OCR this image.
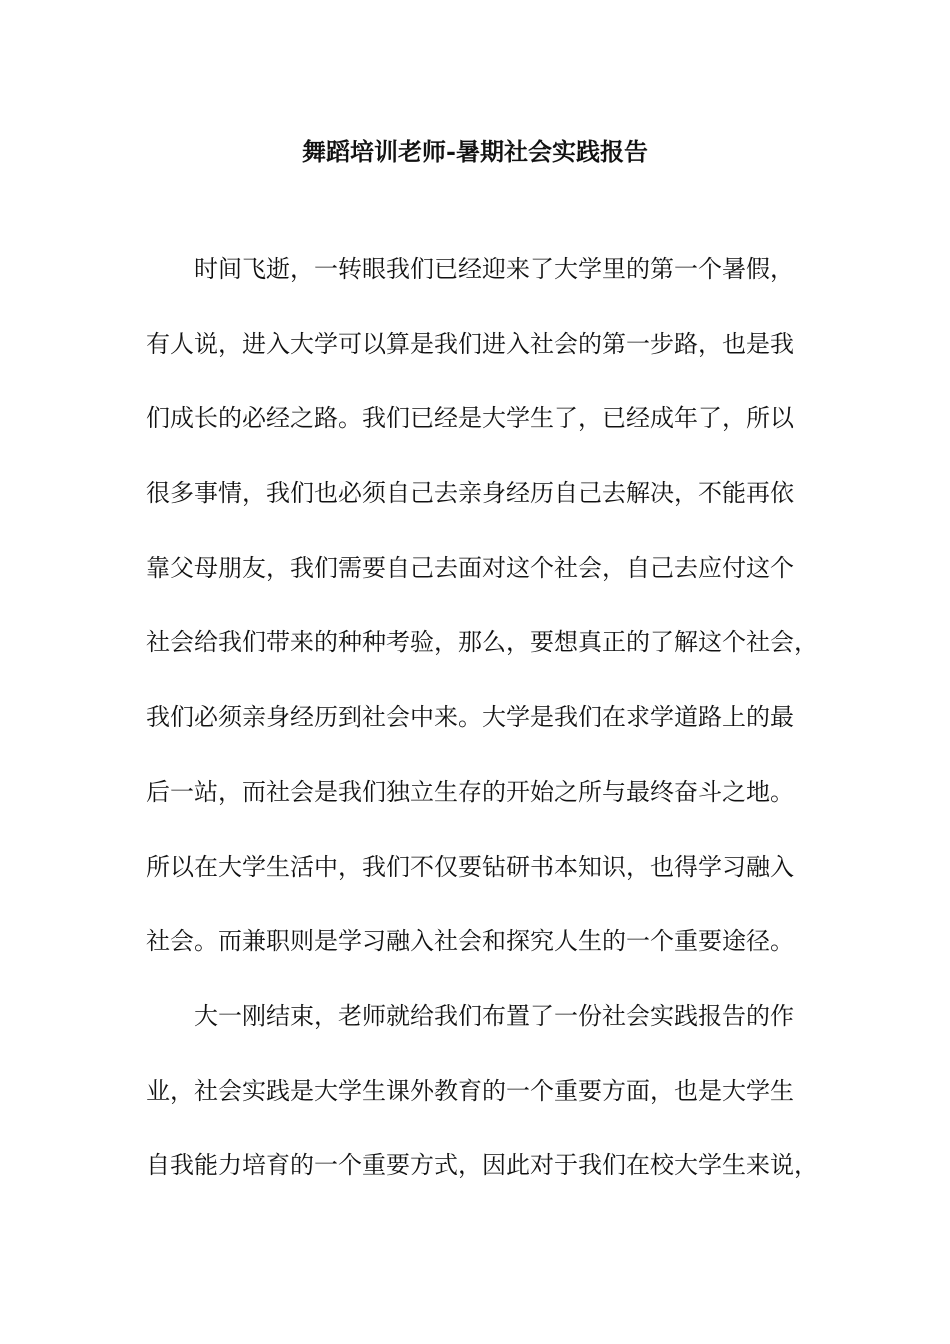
舞蹈培训老师-暑期社会实践报告

时间飞逝，一转眼我们已经迎来了大学里的第一个暑假，

有人说，进入大学可以算是我们进入社会的第一步路，也是我

们成长的必经之路。我们已经是大学生了，已经成年了，所以

很多事情，我们也必须自己去亲身经历自己去解决，不能再依

靠父母朋友，我们需要自己去面对这个社会，自己去应付这个

社会给我们带来的种种考验，那么，要想真正的了解这个社会，

我们必须亲身经历到社会中来。大学是我们在求学道路上的最

后一站，而社会是我们独立生存的开始之所与最终奋斗之地。

所以在大学生活中，我们不仅要钻研书本知识，也得学习融入

社会。而兼职则是学习融入社会和探究人生的一个重要途径。

大一刚结束，老师就给我们布置了一份社会实践报告的作

业，社会实践是大学生课外教育的一个重要方面，也是大学生

自我能力培育的一个重要方式，因此对于我们在校大学生来说，
